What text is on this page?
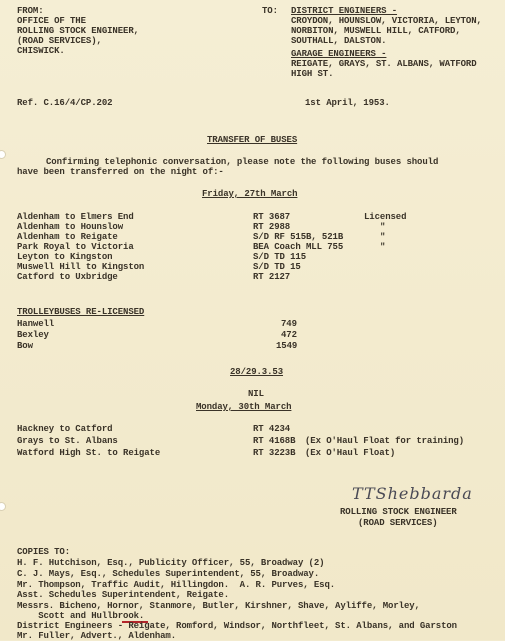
FROM:
OFFICE OF THE
ROLLING STOCK ENGINEER,
(ROAD SERVICES),
CHISWICK.
TO: DISTRICT ENGINEERS -
CROYDON, HOUNSLOW, VICTORIA, LEYTON,
NORBITON, MUSWELL HILL, CATFORD,
SOUTHALL, DALSTON.
GARAGE ENGINEERS -
REIGATE, GRAYS, ST. ALBANS, WATFORD
HIGH ST.
Ref. C.16/4/CP.202	1st April, 1953.
TRANSFER OF BUSES
Confirming telephonic conversation, please note the following buses should
have been transferred on the night of:-
Friday, 27th March
Aldenham to Elmers End	RT 3687	Licensed
Aldenham to Hounslow	RT 2988	"
Aldenham to Reigate	S/D RF 515B, 521B	"
Park Royal to Victoria	BEA Coach MLL 755	"
Leyton to Kingston	S/D TD 115
Muswell Hill to Kingston	S/D TD 15
Catford to Uxbridge	RT 2127
TROLLEYBUSES RE-LICENSED
Hanwell	749
Bexley	472
Bow	1549
28/29.3.53
NIL
Monday, 30th March
Hackney to Catford	RT 4234
Grays to St. Albans	RT 4168B (Ex O'Haul Float for training)
Watford High St. to Reigate	RT 3223B (Ex O'Haul Float)
TTShebbarda
ROLLING STOCK ENGINEER
(ROAD SERVICES)
COPIES TO:
H. F. Hutchison, Esq., Publicity Officer, 55, Broadway (2)
C. J. Mays, Esq., Schedules Superintendent, 55, Broadway.
Mr. Thompson, Traffic Audit, Hillingdon.  A. R. Purves, Esq.
Asst. Schedules Superintendent, Reigate.
Messrs. Bicheno, Hornor, Stanmore, Butler, Kirshner, Shave, Ayliffe, Morley,
Scott and Hullbrook.
District Engineers - Reigate, Romford, Windsor, Northfleet, St. Albans, and Garston
Mr. Fuller, Advert., Aldenham.
